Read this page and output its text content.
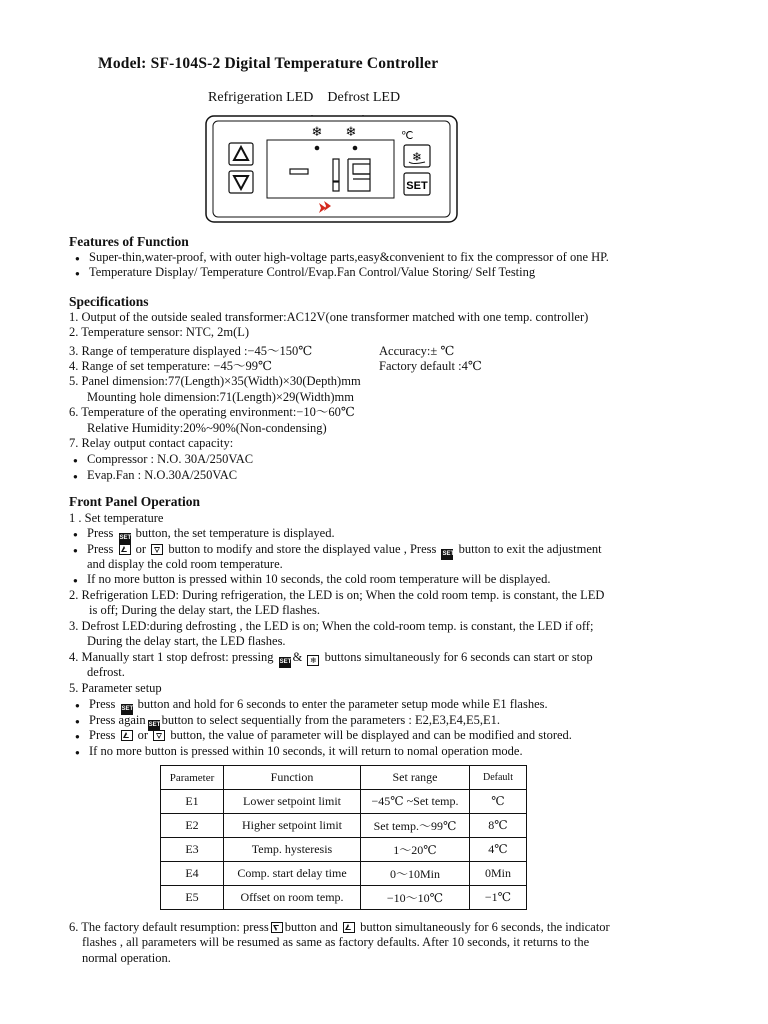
Model: SF-104S-2 Digital Temperature Controller
Refrigeration LED Defrost LED
❄ ❄	℃
❄
SET
Features of Function
● Super-thin,water-proof, with outer high-voltage parts,easy&convenient to fix the compressor of one HP.
● Temperature Display/ Temperature Control/Evap.Fan Control/Value Storing/ Self Testing
Specifications
1. Output of the outside sealed transformer:AC12V(one transformer matched with one temp. controller)
2. Temperature sensor: NTC, 2m(L)
3. Range of temperature displayed :−45～150℃	Accuracy:± ℃
4. Range of set temperature: −45～99℃	Factory default :4℃
5. Panel dimension:77(Length)×35(Width)×30(Depth)mm
Mounting hole dimension:71(Length)×29(Width)mm
6. Temperature of the operating environment:−10～60℃
Relative Humidity:20%~90%(Non-condensing)
7. Relay output contact capacity:
● Compressor : N.O. 30A/250VAC
● Evap.Fan : N.O.30A/250VAC
Front Panel Operation
1 . Set temperature
● Press SET button, the set temperature is displayed.
● Press or button to modify and store the displayed value , Press SET button to exit the adjustment
and display the cold room temperature.
● If no more button is pressed within 10 seconds, the cold room temperature will be displayed.
2. Refrigeration LED: During refrigeration, the LED is on; When the cold room temp. is constant, the LED
is off; During the delay start, the LED flashes.
3. Defrost LED:during defrosting , the LED is on; When the cold-room temp. is constant, the LED if off;
During the delay start, the LED flashes.
4. Manually start 1 stop defrost: pressing SET& ❄ buttons simultaneously for 6 seconds can start or stop
defrost.
5. Parameter setup
● Press SET button and hold for 6 seconds to enter the parameter setup mode while E1 flashes.
● Press again SETbutton to select sequentially from the parameters : E2,E3,E4,E5,E1.
● Press or button, the value of parameter will be displayed and can be modified and stored.
● If no more button is pressed within 10 seconds, it will return to nomal operation mode.
Parameter	Function	Set range	Default
E1	Lower setpoint limit	−45℃ ~Set temp.	℃
E2	Higher setpoint limit	Set temp.～99℃	8℃
E3	Temp. hysteresis	1～20℃	4℃
E4	Comp. start delay time	0～10Min	0Min
E5	Offset on room temp.	−10～10℃	−1℃
6. The factory default resumption: press button and button simultaneously for 6 seconds, the indicator
flashes , all parameters will be resumed as same as factory defaults. After 10 seconds, it returns to the
normal operation.
